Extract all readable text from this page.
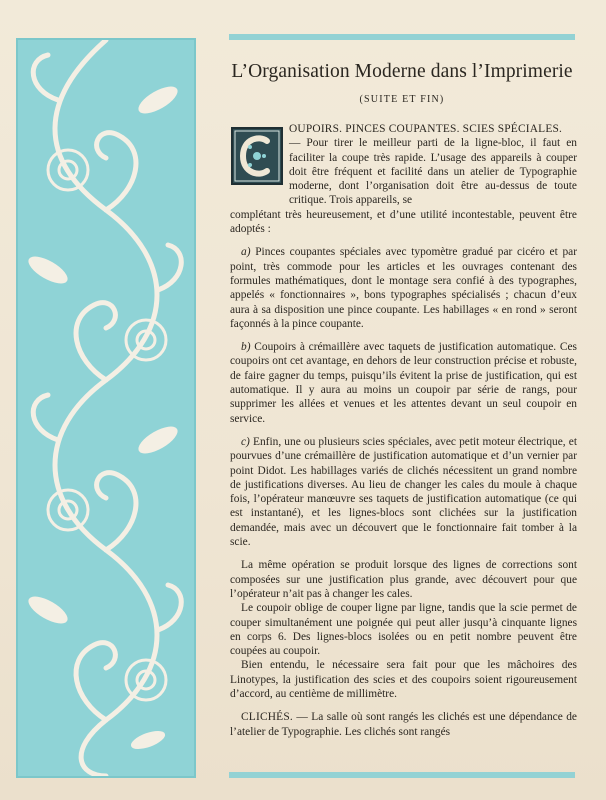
L’Organisation Moderne dans l’Imprimerie
(SUITE ET FIN)

OUPOIRS. PINCES COUPANTES. SCIES SPÉCIALES.

— Pour tirer le meilleur parti de la ligne-bloc, il faut en faciliter la coupe très rapide. L’usage des appareils à couper doit être fréquent et facilité dans un atelier de Typographie moderne, dont l’organisation doit être au-dessus de toute critique. Trois appareils, se

complétant très heureusement, et d’une utilité incontestable, peuvent être adoptés :

a) Pinces coupantes spéciales avec typomètre gradué par cicéro et par point, très commode pour les articles et les ouvrages contenant des formules mathématiques, dont le montage sera confié à des typographes, appelés « fonctionnaires », bons typographes spécialisés ; chacun d’eux aura à sa disposition une pince coupante. Les habillages « en rond » seront façonnés à la pince coupante.

b) Coupoirs à crémaillère avec taquets de justification automatique. Ces coupoirs ont cet avantage, en dehors de leur construction précise et robuste, de faire gagner du temps, puisqu’ils évitent la prise de justification, qui est automatique. Il y aura au moins un coupoir par série de rangs, pour supprimer les allées et venues et les attentes devant un seul coupoir en service.

c) Enfin, une ou plusieurs scies spéciales, avec petit moteur électrique, et pourvues d’une crémaillère de justification automatique et d’un vernier par point Didot. Les habillages variés de clichés nécessitent un grand nombre de justifications diverses. Au lieu de changer les cales du moule à chaque fois, l’opérateur manœuvre ses taquets de justification automatique (ce qui est instantané), et les lignes-blocs sont clichées sur la justification demandée, mais avec un découvert que le fonctionnaire fait tomber à la scie.

La même opération se produit lorsque des lignes de corrections sont composées sur une justification plus grande, avec découvert pour que l’opérateur n’ait pas à changer les cales.

Le coupoir oblige de couper ligne par ligne, tandis que la scie permet de couper simultanément une poignée qui peut aller jusqu’à cinquante lignes en corps 6. Des lignes-blocs isolées ou en petit nombre peuvent être coupées au coupoir.

Bien entendu, le nécessaire sera fait pour que les mâchoires des Linotypes, la justification des scies et des coupoirs soient rigoureusement d’accord, au centième de millimètre.

CLICHÉS. — La salle où sont rangés les clichés est une dépendance de l’atelier de Typographie. Les clichés sont rangés
